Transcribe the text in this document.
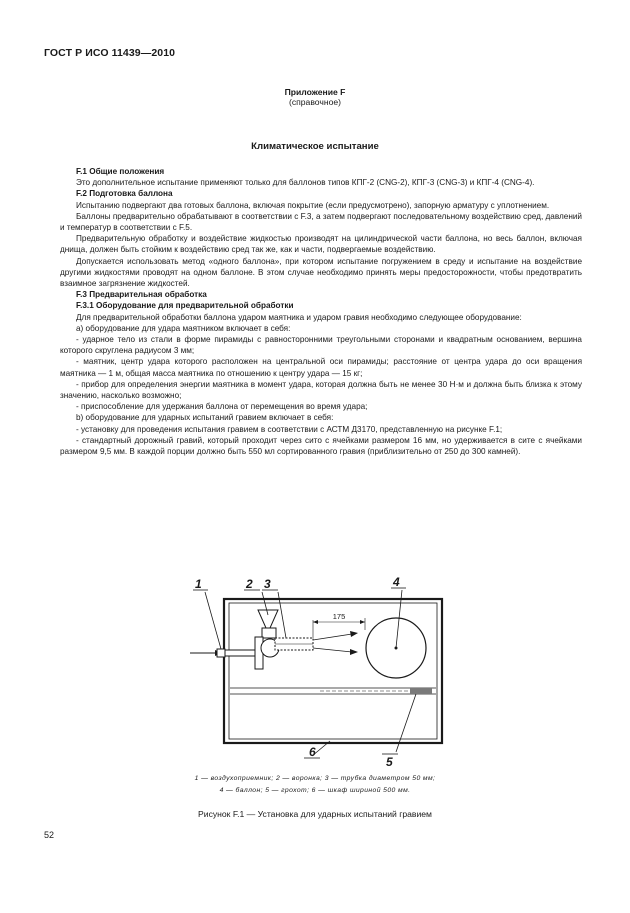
ГОСТ Р ИСО 11439—2010
Приложение F
(справочное)
Климатическое испытание

F.1 Общие положения

Это дополнительное испытание применяют только для баллонов типов КПГ-2 (CNG-2), КПГ-3 (CNG-3) и КПГ-4 (CNG-4).

F.2 Подготовка баллона

Испытанию подвергают два готовых баллона, включая покрытие (если предусмотрено), запорную арматуру с уплотнением.

Баллоны предварительно обрабатывают в соответствии с F.3, а затем подвергают последовательному воздействию сред, давлений и температур в соответствии с F.5.

Предварительную обработку и воздействие жидкостью производят на цилиндрической части баллона, но весь баллон, включая днища, должен быть стойким к воздействию сред так же, как и части, подвергаемые воздействию.

Допускается использовать метод «одного баллона», при котором испытание погружением в среду и испытание на воздействие другими жидкостями проводят на одном баллоне. В этом случае необходимо принять меры предосторожности, чтобы предотвратить взаимное загрязнение жидкостей.

F.3 Предварительная обработка

F.3.1 Оборудование для предварительной обработки

Для предварительной обработки баллона ударом маятника и ударом гравия необходимо следующее оборудование:

а) оборудование для удара маятником включает в себя:

- ударное тело из стали в форме пирамиды с равносторонними треугольными сторонами и квадратным основанием, вершина которого скруглена радиусом 3 мм;

- маятник, центр удара которого расположен на центральной оси пирамиды; расстояние от центра удара до оси вращения маятника — 1 м, общая масса маятника по отношению к центру удара — 15 кг;

- прибор для определения энергии маятника в момент удара, которая должна быть не менее 30 Н·м и должна быть близка к этому значению, насколько возможно;

- приспособление для удержания баллона от перемещения во время удара;

b) оборудование для ударных испытаний гравием включает в себя:

- установку для проведения испытания гравием в соответствии с АСТМ Д3170, представленную на рисунке F.1;

- стандартный дорожный гравий, который проходит через сито с ячейками размером 16 мм, но удерживается в сите с ячейками размером 9,5 мм. В каждой порции должно быть 550 мл сортированного гравия (приблизительно от 250 до 300 камней).

175
1	2 3	4
5
6
1 — воздухоприемник; 2 — воронка; 3 — трубка диаметром 50 мм;
4 — баллон; 5 — грохот; 6 — шкаф шириной 500 мм.
Рисунок F.1 — Установка для ударных испытаний гравием
52
